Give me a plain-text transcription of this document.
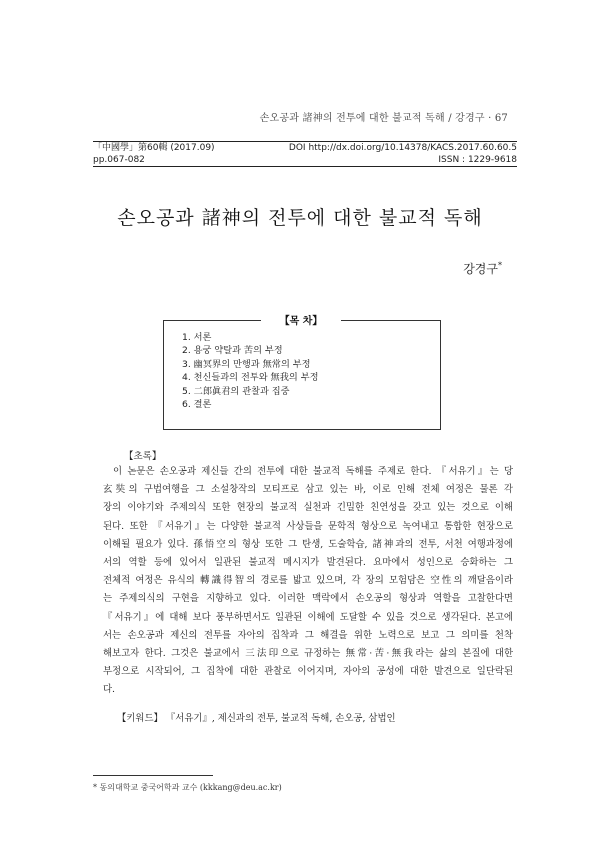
손오공과 諸神의 전투에 대한 불교적 독해 / 강경구 · 67
「中國學」第60輯 (2017.09)
pp.067-082
DOI http://dx.doi.org/10.14378/KACS.2017.60.60.5
ISSN : 1229-9618
손오공과 諸神의 전투에 대한 불교적 독해
강경구*
【목 차】
1. 서론
2. 용궁 약탈과 苦의 부정
3. 幽冥界의 만행과 無常의 부정
4. 천신들과의 전투와 無我의 부정
5. 二郎眞君의 관찰과 집중
6. 결론
【초록】
이 논문은 손오공과 제신들 간의 전투에 대한 불교적 독해를 주제로 한다. 『서유기』는 당
玄奘의 구법여행을 그 소설창작의 모티프로 삼고 있는 바, 이로 인해 전체 여정은 물론 각
장의 이야기와 주제의식 또한 현장의 불교적 실천과 긴밀한 친연성을 갖고 있는 것으로 이해
된다. 또한 『서유기』는 다양한 불교적 사상들을 문학적 형상으로 녹여내고 통합한 현장으로
이해될 필요가 있다. 孫悟空의 형상 또한 그 탄생, 도술학습, 諸神과의 전투, 서천 여행과정에
서의 역할 등에 있어서 일관된 불교적 메시지가 발견된다. 요마에서 성인으로 승화하는 그
전체적 여정은 유식의 轉識得智의 경로를 밟고 있으며, 각 장의 모험담은 空性의 깨달음이라
는 주제의식의 구현을 지향하고 있다. 이러한 맥락에서 손오공의 형상과 역할을 고찰한다면
『서유기』에 대해 보다 풍부하면서도 일관된 이해에 도달할 수 있을 것으로 생각된다. 본고에
서는 손오공과 제신의 전투를 자아의 집착과 그 해결을 위한 노력으로 보고 그 의미를 천착
해보고자 한다. 그것은 불교에서 三法印으로 규정하는 無常·苦·無我라는 삶의 본질에 대한
부정으로 시작되어, 그 집착에 대한 관찰로 이어지며, 자아의 공성에 대한 발견으로 일단락된
다.
【키워드】 『서유기』, 제신과의 전투, 불교적 독해, 손오공, 삼법인
* 동의대학교 중국어학과 교수 (kkkang@deu.ac.kr)
